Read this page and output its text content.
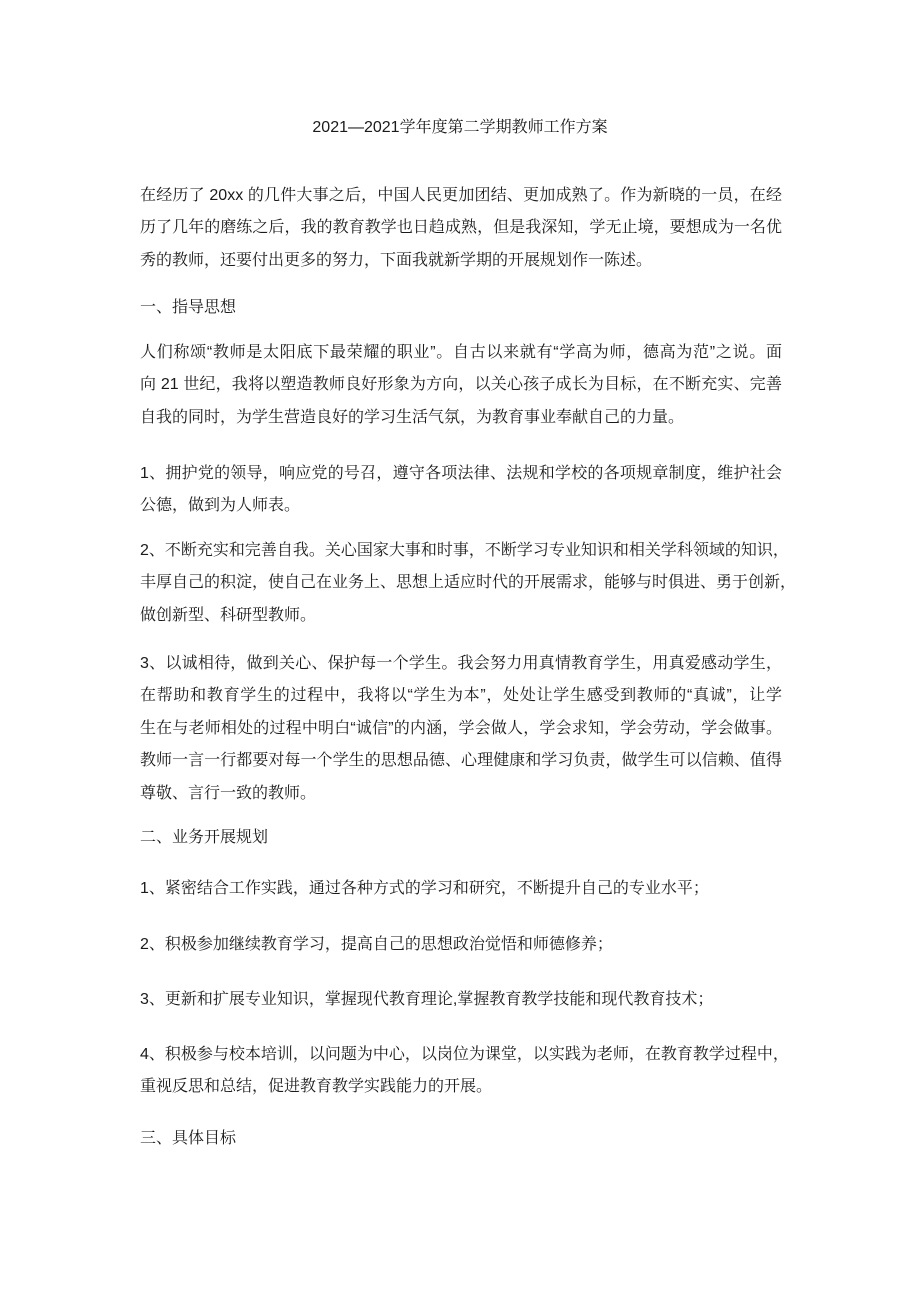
2021—2021学年度第二学期教师工作方案
在经历了 20xx 的几件大事之后，中国人民更加团结、更加成熟了。作为新晓的一员，在经
历了几年的磨练之后，我的教育教学也日趋成熟，但是我深知，学无止境，要想成为一名优
秀的教师，还要付出更多的努力，下面我就新学期的开展规划作一陈述。
一、指导思想
人们称颂“教师是太阳底下最荣耀的职业”。自古以来就有“学高为师，德高为范”之说。面
向 21 世纪，我将以塑造教师良好形象为方向，以关心孩子成长为目标，在不断充实、完善
自我的同时，为学生营造良好的学习生活气氛，为教育事业奉献自己的力量。
1、拥护党的领导，响应党的号召，遵守各项法律、法规和学校的各项规章制度，维护社会
公德，做到为人师表。
2、不断充实和完善自我。关心国家大事和时事，不断学习专业知识和相关学科领域的知识，
丰厚自己的积淀，使自己在业务上、思想上适应时代的开展需求，能够与时俱进、勇于创新，
做创新型、科研型教师。
3、以诚相待，做到关心、保护每一个学生。我会努力用真情教育学生，用真爱感动学生，
在帮助和教育学生的过程中，我将以“学生为本”，处处让学生感受到教师的“真诚”，让学
生在与老师相处的过程中明白“诚信”的内涵，学会做人，学会求知，学会劳动，学会做事。
教师一言一行都要对每一个学生的思想品德、心理健康和学习负责，做学生可以信赖、值得
尊敬、言行一致的教师。
二、业务开展规划
1、紧密结合工作实践，通过各种方式的学习和研究，不断提升自己的专业水平；
2、积极参加继续教育学习，提高自己的思想政治觉悟和师德修养；
3、更新和扩展专业知识，掌握现代教育理论,掌握教育教学技能和现代教育技术；
4、积极参与校本培训，以问题为中心，以岗位为课堂，以实践为老师，在教育教学过程中，
重视反思和总结，促进教育教学实践能力的开展。
三、具体目标
